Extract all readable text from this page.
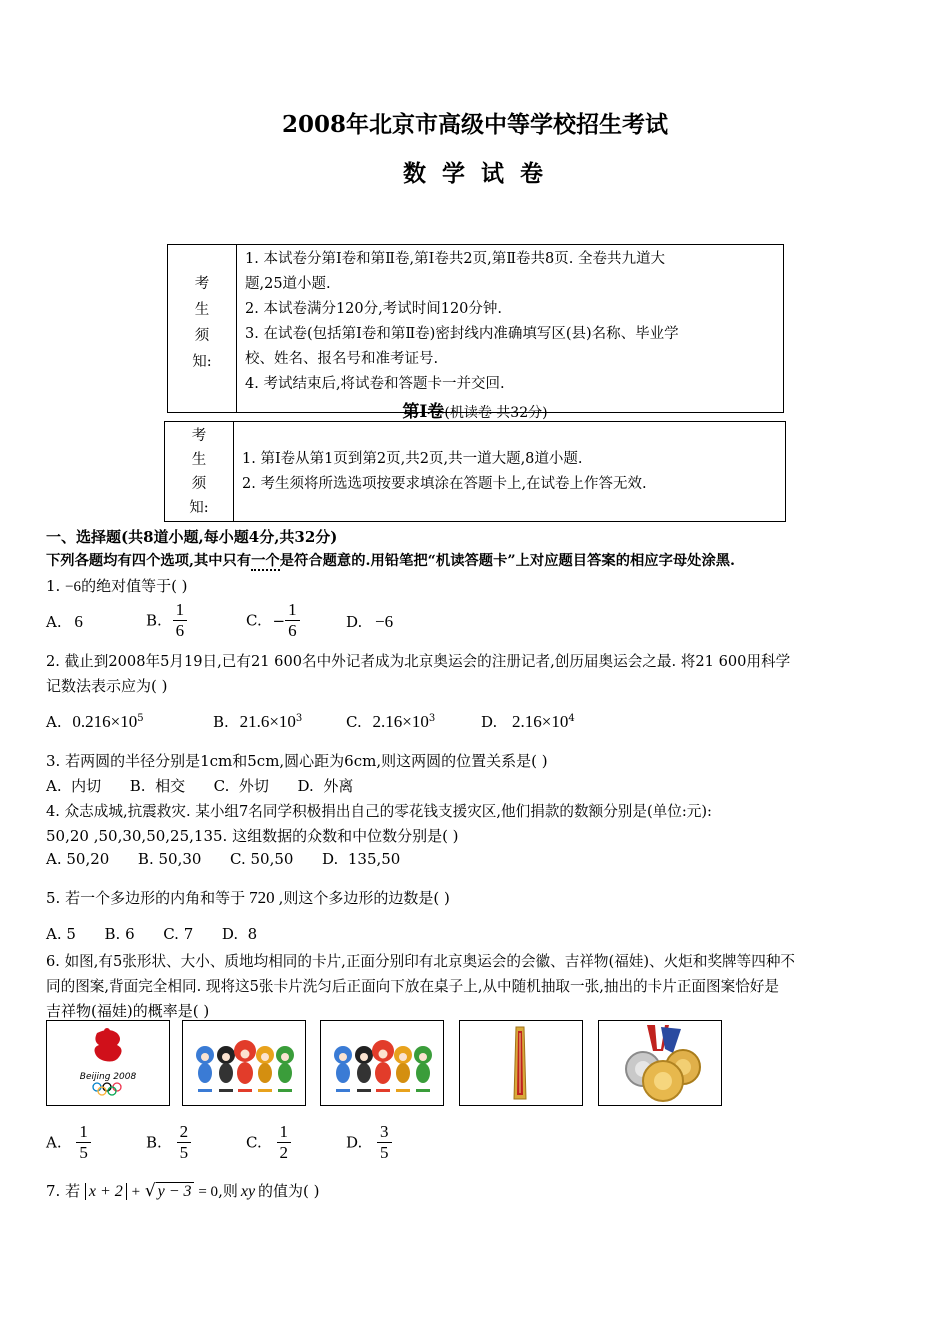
2008年北京市高级中等学校招生考试
数 学 试 卷
考
生
须
知:

1. 本试卷分第Ⅰ卷和第Ⅱ卷,第Ⅰ卷共2页,第Ⅱ卷共8页. 全卷共九道大
题,25道小题.
2. 本试卷满分120分,考试时间120分钟.
3. 在试卷(包括第Ⅰ卷和第Ⅱ卷)密封线内准确填写区(县)名称、毕业学
校、姓名、报名号和准考证号.
4. 考试结束后,将试卷和答题卡一并交回.
第Ⅰ卷(机读卷 共32分)
考
生
须
知:

1. 第Ⅰ卷从第1页到第2页,共2页,共一道大题,8道小题.
2. 考生须将所选选项按要求填涂在答题卡上,在试卷上作答无效.
一、选择题(共8道小题,每小题4分,共32分)
下列各题均有四个选项,其中只有一个是符合题意的.用铅笔把“机读答题卡”上对应题目答案的相应字母处涂黑.
1. −6的绝对值等于( )
A. 6	B. $\frac{1}{6}$	C. − $\frac{1}{6}$	D. −6
2. 截止到2008年5月19日,已有21 600名中外记者成为北京奥运会的注册记者,创历届奥运会之最. 将21 600用科学
记数法表示应为( )
A. $0.216\times 10^5$	B. $21.6\times 10^3$	C. $2.16\times 10^3$	D. $2.16\times 10^4$
3. 若两圆的半径分别是1cm和5cm,圆心距为6cm,则这两圆的位置关系是( )
A.  内切      B.  相交      C.  外切      D.  外离
4. 众志成城,抗震救灾. 某小组7名同学积极捐出自己的零花钱支援灾区,他们捐款的数额分别是(单位:元):
50,20 ,50,30,50,25,135. 这组数据的众数和中位数分别是( )
A. 50,20      B. 50,30      C. 50,50      D.  135,50
5. 若一个多边形的内角和等于 720 ,则这个多边形的边数是( )
A. 5      B. 6      C. 7      D.  8
6. 如图,有5张形状、大小、质地均相同的卡片,正面分别印有北京奥运会的会徽、吉祥物(福娃)、火炬和奖牌等四种不
同的图案,背面完全相同. 现将这5张卡片洗匀后正面向下放在桌子上,从中随机抽取一张,抽出的卡片正面图案恰好是
吉祥物(福娃)的概率是( )
Beijing 2008
A. $\frac{1}{5}$	B. $\frac{2}{5}$	C. $\frac{1}{2}$	D. $\frac{3}{5}$
7. 若 x + 2 + √ y − 3 = 0,则 xy 的值为( )
